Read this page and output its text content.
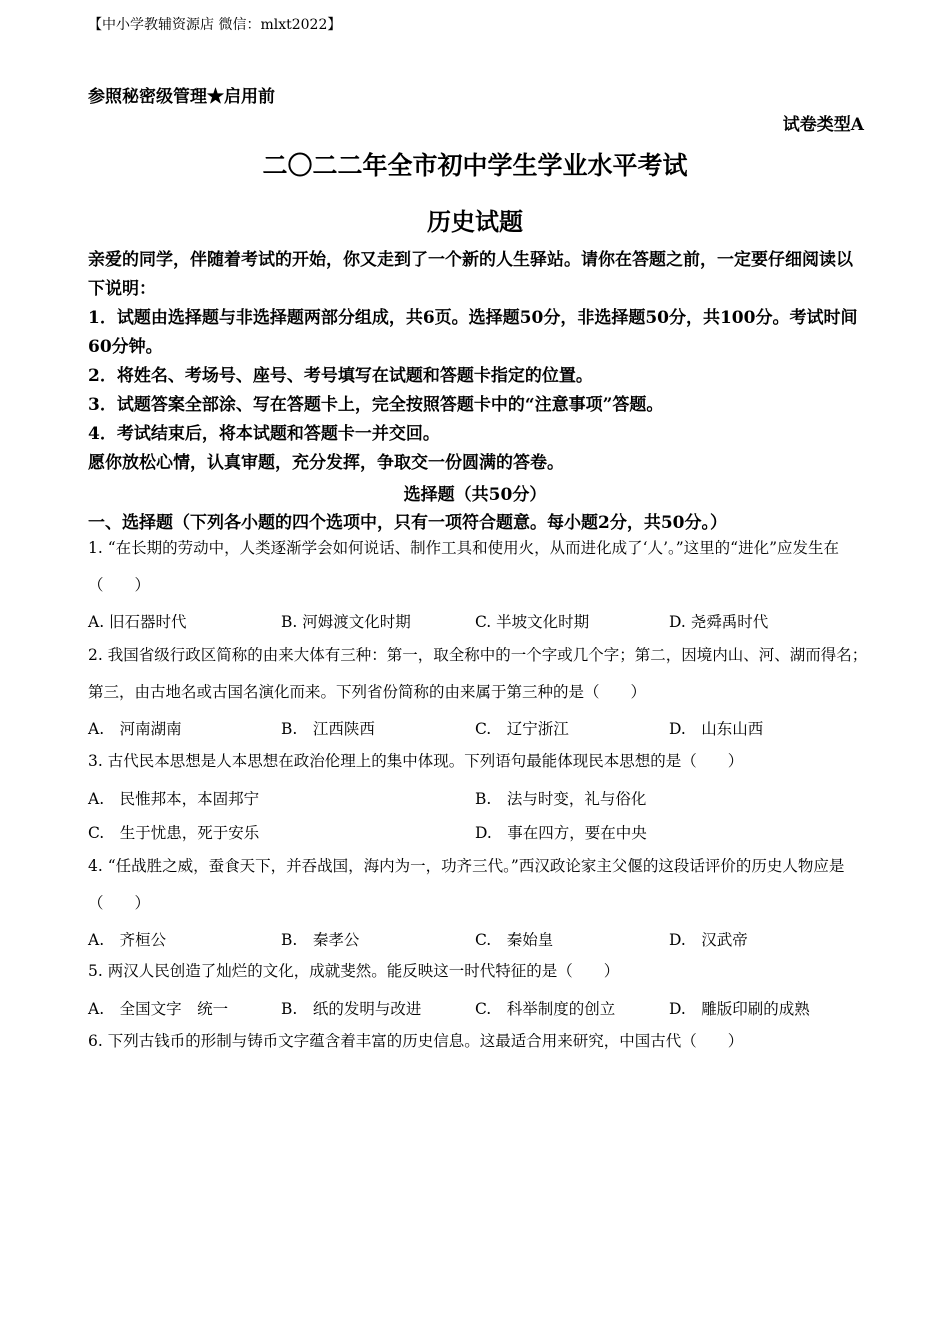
【中小学教辅资源店 微信：mlxt2022】
参照秘密级管理★启用前
试卷类型A
二〇二二年全市初中学生学业水平考试
历史试题

亲爱的同学，伴随着考试的开始，你又走到了一个新的人生驿站。请你在答题之前，一定要仔细阅读以下说明：

1．试题由选择题与非选择题两部分组成，共6页。选择题50分，非选择题50分，共100分。考试时间60分钟。

2．将姓名、考场号、座号、考号填写在试题和答题卡指定的位置。

3．试题答案全部涂、写在答题卡上，完全按照答题卡中的“注意事项”答题。

4．考试结束后，将本试题和答题卡一并交回。

愿你放松心情，认真审题，充分发挥，争取交一份圆满的答卷。

选择题（共50分）
一、选择题（下列各小题的四个选项中，只有一项符合题意。每小题2分，共50分。）
1. “在长期的劳动中，人类逐渐学会如何说话、制作工具和使用火，从而进化成了‘人’。”这里的“进化”应发生在（　　）
A. 旧石器时代	B. 河姆渡文化时期	C. 半坡文化时期	D. 尧舜禹时代
2. 我国省级行政区简称的由来大体有三种：第一，取全称中的一个字或几个字；第二，因境内山、河、湖而得名；第三，由古地名或古国名演化而来。下列省份简称的由来属于第三种的是（　　）
A.　河南湖南	B.　江西陕西	C.　辽宁浙江	D.　山东山西
3. 古代民本思想是人本思想在政治伦理上的集中体现。下列语句最能体现民本思想的是（　　）
A.　民惟邦本，本固邦宁	B.　法与时变，礼与俗化
C.　生于忧患，死于安乐	D.　事在四方，要在中央
4. “任战胜之威，蚕食天下，并吞战国，海内为一，功齐三代。”西汉政论家主父偃的这段话评价的历史人物应是（　　）
A.　齐桓公	B.　秦孝公	C.　秦始皇	D.　汉武帝
5. 两汉人民创造了灿烂的文化，成就斐然。能反映这一时代特征的是（　　）
A.　全国文字　统一	B.　纸的发明与改进	C.　科举制度的创立	D.　雕版印刷的成熟
6. 下列古钱币的形制与铸币文字蕴含着丰富的历史信息。这最适合用来研究，中国古代（　　）
